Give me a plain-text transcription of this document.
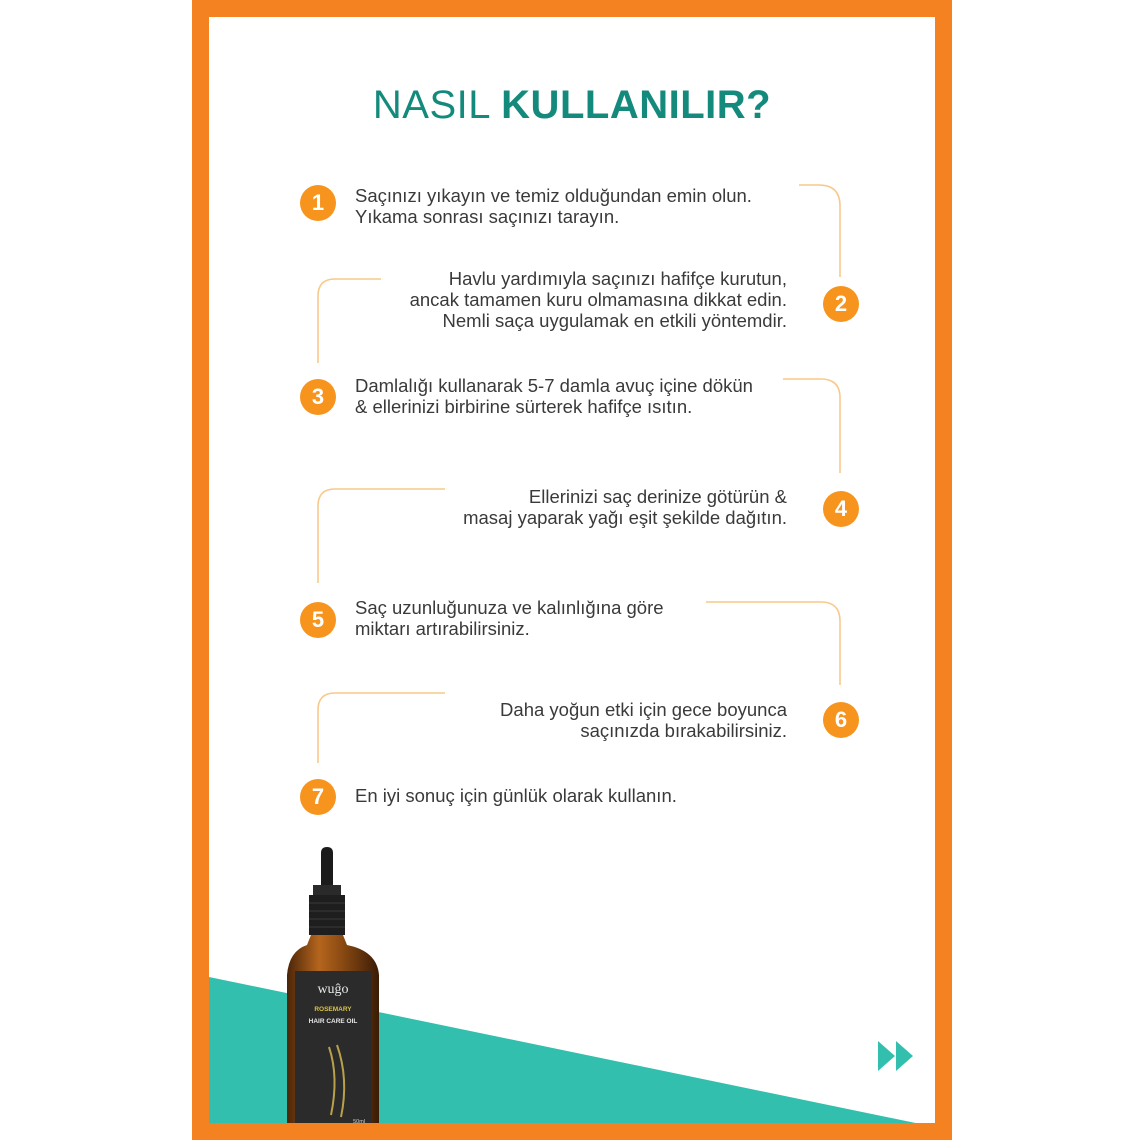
NASIL KULLANILIR?
1	Saçınızı yıkayın ve temiz olduğundan emin olun.
Yıkama sonrası saçınızı tarayın.
2
Havlu yardımıyla saçınızı hafifçe kurutun,
ancak tamamen kuru olmamasına dikkat edin.
Nemli saça uygulamak en etkili yöntemdir.
3	Damlalığı kullanarak 5-7 damla avuç içine dökün
& ellerinizi birbirine sürterek hafifçe ısıtın.
4
Ellerinizi saç derinize götürün &
masaj yaparak yağı eşit şekilde dağıtın.
5	Saç uzunluğunuza ve kalınlığına göre
miktarı artırabilirsiniz.
6
Daha yoğun etki için gece boyunca
saçınızda bırakabilirsiniz.
7	En iyi sonuç için günlük olarak kullanın.
wuĝo
ROSEMARY
HAIR CARE OIL
50ml
